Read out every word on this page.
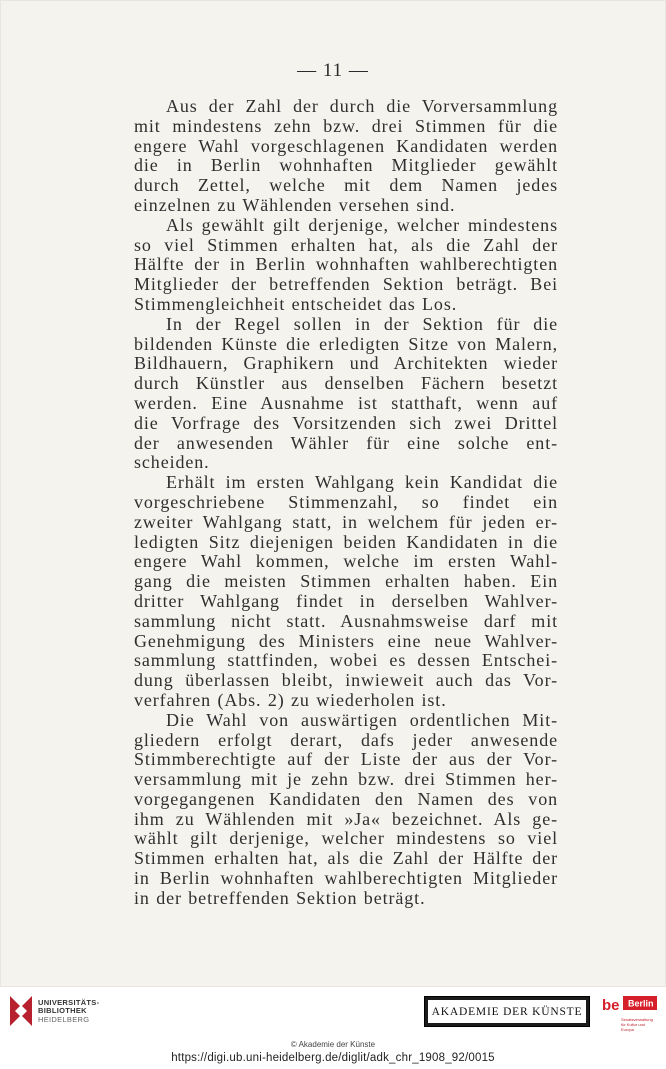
— 11 —
Aus der Zahl der durch die Vorversammlung
mit mindestens zehn bzw. drei Stimmen für die
engere Wahl vorgeschlagenen Kandidaten werden
die in Berlin wohnhaften Mitglieder gewählt
durch Zettel, welche mit dem Namen jedes
einzelnen zu Wählenden versehen sind.
Als gewählt gilt derjenige, welcher mindestens
so viel Stimmen erhalten hat, als die Zahl der
Hälfte der in Berlin wohnhaften wahlberechtigten
Mitglieder der betreffenden Sektion beträgt. Bei
Stimmengleichheit entscheidet das Los.
In der Regel sollen in der Sektion für die
bildenden Künste die erledigten Sitze von Malern,
Bildhauern, Graphikern und Architekten wieder
durch Künstler aus denselben Fächern besetzt
werden. Eine Ausnahme ist statthaft, wenn auf
die Vorfrage des Vorsitzenden sich zwei Drittel
der anwesenden Wähler für eine solche ent-
scheiden.
Erhält im ersten Wahlgang kein Kandidat die
vorgeschriebene Stimmenzahl, so findet ein
zweiter Wahlgang statt, in welchem für jeden er-
ledigten Sitz diejenigen beiden Kandidaten in die
engere Wahl kommen, welche im ersten Wahl-
gang die meisten Stimmen erhalten haben. Ein
dritter Wahlgang findet in derselben Wahlver-
sammlung nicht statt. Ausnahmsweise darf mit
Genehmigung des Ministers eine neue Wahlver-
sammlung stattfinden, wobei es dessen Entschei-
dung überlassen bleibt, inwieweit auch das Vor-
verfahren (Abs. 2) zu wiederholen ist.
Die Wahl von auswärtigen ordentlichen Mit-
gliedern erfolgt derart, dafs jeder anwesende
Stimmberechtigte auf der Liste der aus der Vor-
versammlung mit je zehn bzw. drei Stimmen her-
vorgegangenen Kandidaten den Namen des von
ihm zu Wählenden mit »Ja« bezeichnet. Als ge-
wählt gilt derjenige, welcher mindestens so viel
Stimmen erhalten hat, als die Zahl der Hälfte der
in Berlin wohnhaften wahlberechtigten Mitglieder
in der betreffenden Sektion beträgt.
UNIVERSITÄTS-
BIBLIOTHEK
HEIDELBERG
AKADEMIE DER KÜNSTE be Berlin
Senatsverwaltung
für Kultur und Europa
© Akademie der Künste
https://digi.ub.uni-heidelberg.de/diglit/adk_chr_1908_92/0015
